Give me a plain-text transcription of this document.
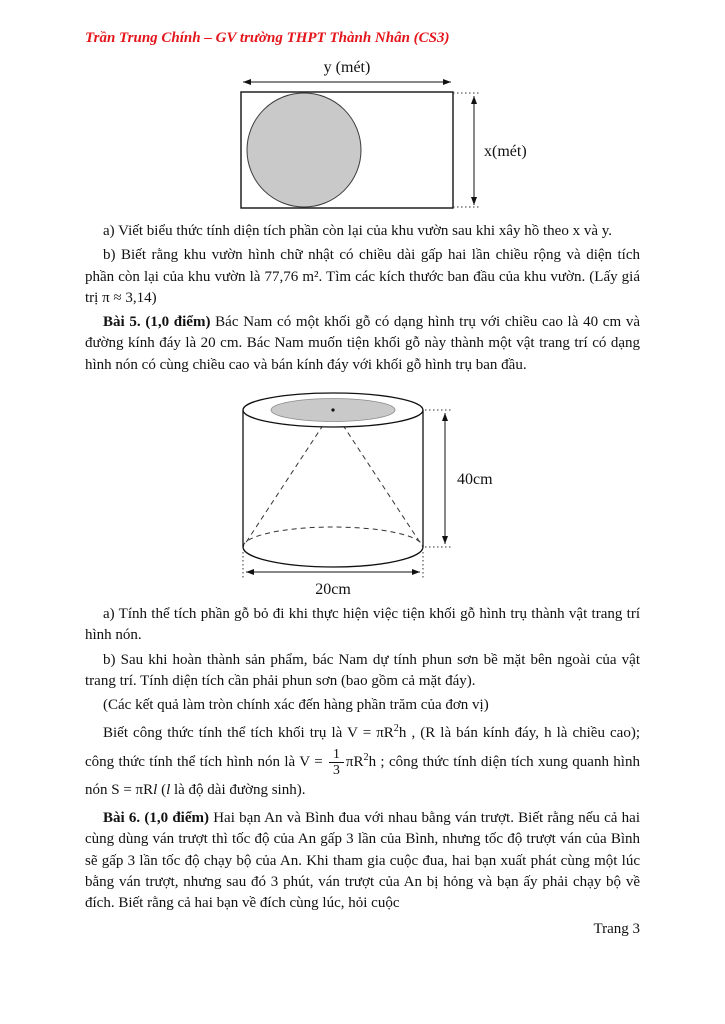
Trần Trung Chính – GV trường THPT Thành Nhân (CS3)
y (mét)
x(mét)

a) Viết biểu thức tính diện tích phần còn lại của khu vườn sau khi xây hồ theo x và y.

b) Biết rằng khu vườn hình chữ nhật có chiều dài gấp hai lần chiều rộng và diện tích phần còn lại của khu vườn là 77,76 m². Tìm các kích thước ban đầu của khu vườn. (Lấy giá trị π ≈ 3,14)

Bài 5. (1,0 điểm) Bác Nam có một khối gỗ có dạng hình trụ với chiều cao là 40 cm và đường kính đáy là 20 cm. Bác Nam muốn tiện khối gỗ này thành một vật trang trí có dạng hình nón có cùng chiều cao và bán kính đáy với khối gỗ hình trụ ban đầu.

40cm
20cm

a) Tính thể tích phần gỗ bỏ đi khi thực hiện việc tiện khối gỗ hình trụ thành vật trang trí hình nón.

b) Sau khi hoàn thành sản phẩm, bác Nam dự tính phun sơn bề mặt bên ngoài của vật trang trí. Tính diện tích cần phải phun sơn (bao gồm cả mặt đáy).

(Các kết quả làm tròn chính xác đến hàng phần trăm của đơn vị)

Biết công thức tính thể tích khối trụ là $V = \pi R^2h$ , (R là bán kính đáy, h là chiều cao); công thức tính thể tích hình nón là $V = \frac{1}{3} \pi R^2h$ ; công thức tính diện tích xung quanh hình nón S = πRl (l là độ dài đường sinh).

Bài 6. (1,0 điểm) Hai bạn An và Bình đua với nhau bằng ván trượt. Biết rằng nếu cả hai cùng dùng ván trượt thì tốc độ của An gấp 3 lần của Bình, nhưng tốc độ trượt ván của Bình sẽ gấp 3 lần tốc độ chạy bộ của An. Khi tham gia cuộc đua, hai bạn xuất phát cùng một lúc bằng ván trượt, nhưng sau đó 3 phút, ván trượt của An bị hỏng và bạn ấy phải chạy bộ về đích. Biết rằng cả hai bạn về đích cùng lúc, hỏi cuộc

Trang 3
